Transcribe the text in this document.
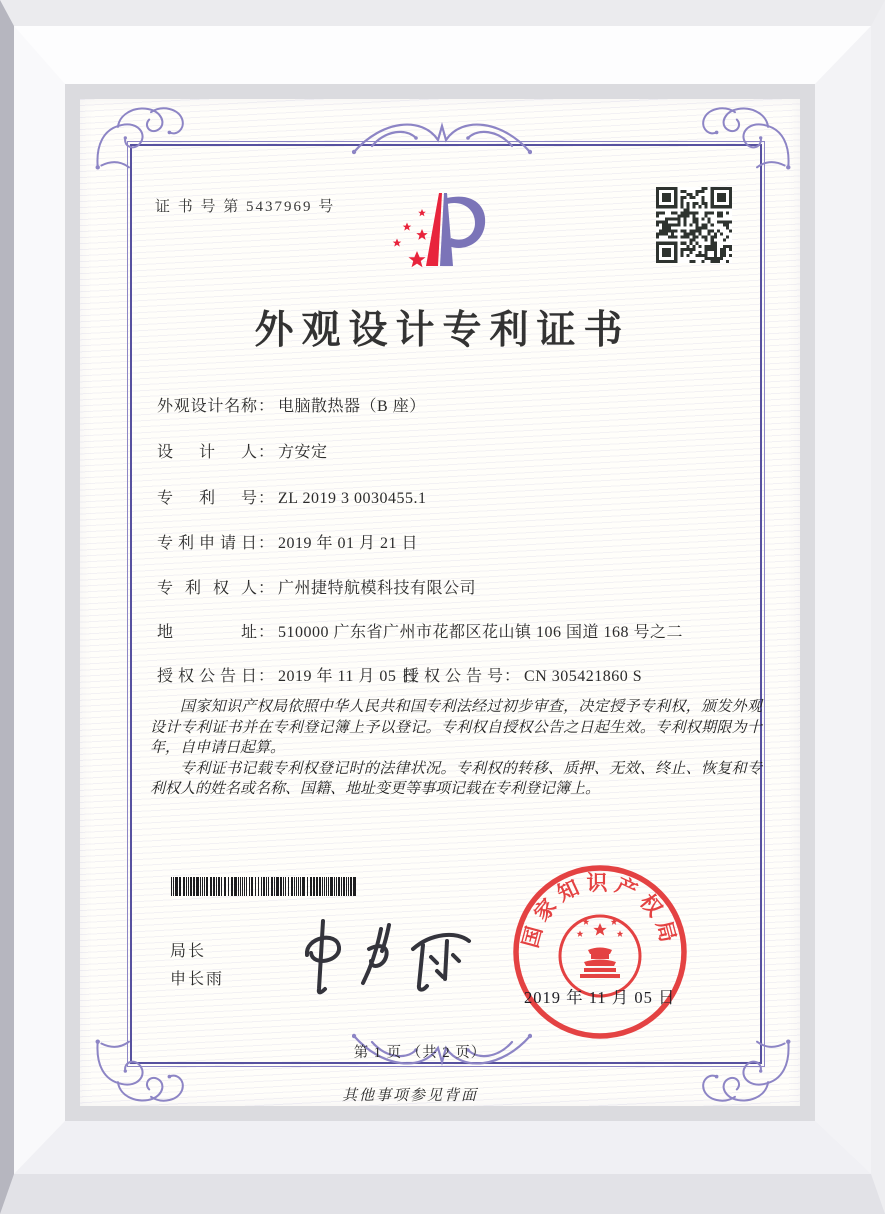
证 书 号 第 5437969 号
外观设计专利证书
外观设计名称： 电脑散热器（B 座）
设计人： 方安定
专利号： ZL 2019 3 0030455.1
专利申请日： 2019 年 01 月 21 日
专利权人： 广州捷特航模科技有限公司
地址： 510000 广东省广州市花都区花山镇 106 国道 168 号之二
授权公告日： 2019 年 11 月 05 日
授权公告号： CN 305421860 S

国家知识产权局依照中华人民共和国专利法经过初步审查，决定授予专利权，颁发外观设计专利证书并在专利登记簿上予以登记。专利权自授权公告之日起生效。专利权期限为十年，自申请日起算。

专利证书记载专利权登记时的法律状况。专利权的转移、质押、无效、终止、恢复和专利权人的姓名或名称、国籍、地址变更等事项记载在专利登记簿上。

局长
申长雨
国家知识产权局
2019 年 11 月 05 日
第 1 页 （共 2 页）
其他事项参见背面
